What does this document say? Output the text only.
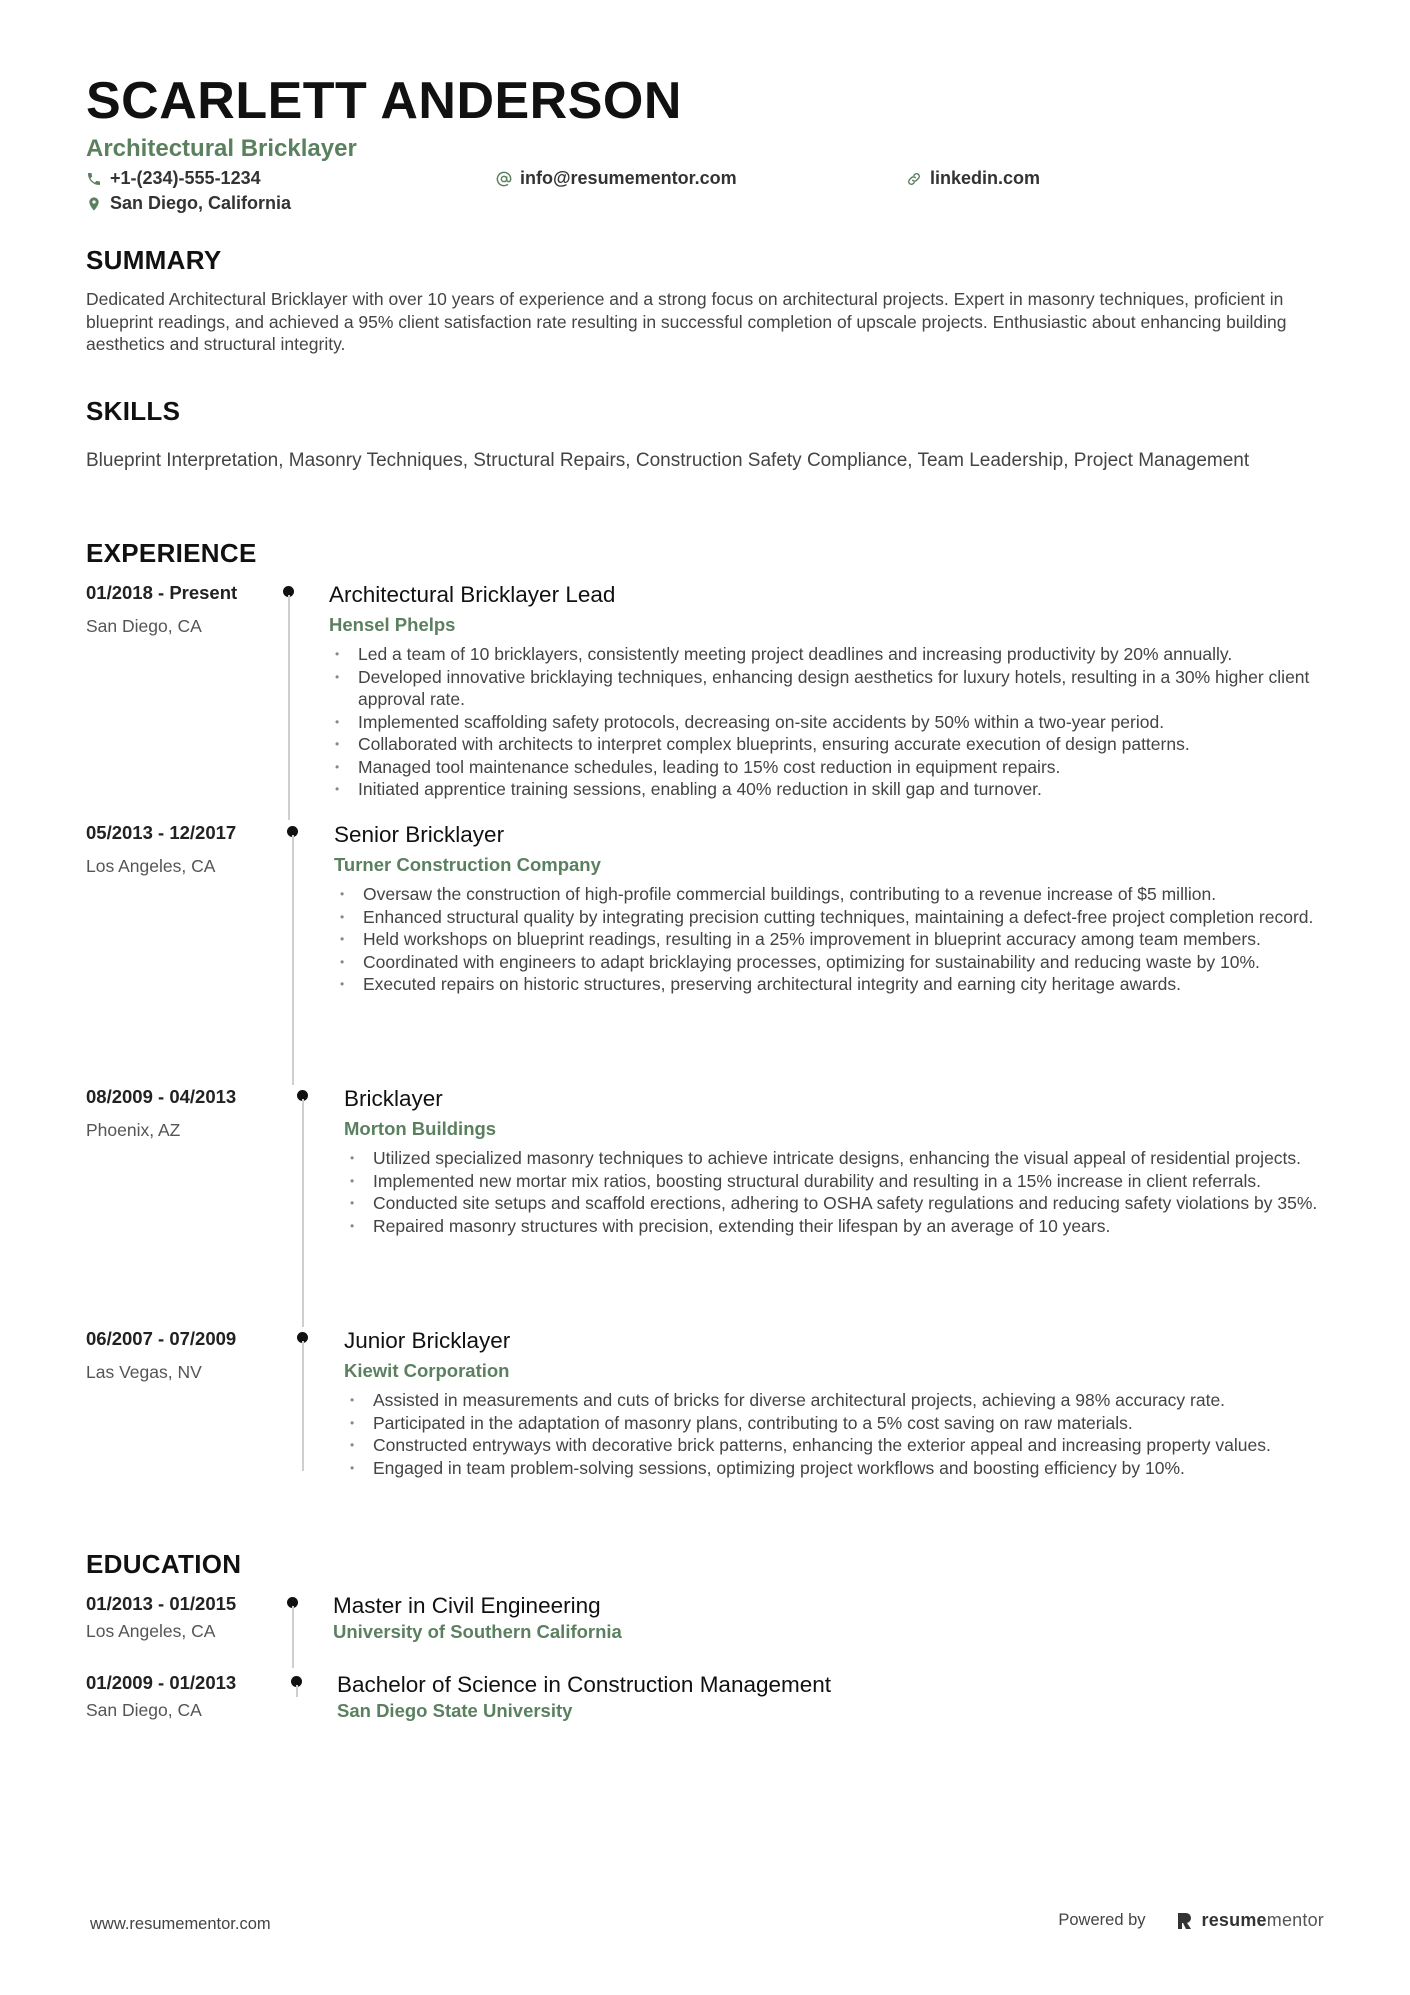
SCARLETT ANDERSON
Architectural Bricklayer
+1-(234)-555-1234	info@resumementor.com	linkedin.com
San Diego, California
SUMMARY

Dedicated Architectural Bricklayer with over 10 years of experience and a strong focus on architectural projects. Expert in masonry techniques, proficient in blueprint readings, and achieved a 95% client satisfaction rate resulting in successful completion of upscale projects. Enthusiastic about enhancing building aesthetics and structural integrity.

SKILLS

Blueprint Interpretation, Masonry Techniques, Structural Repairs, Construction Safety Compliance, Team Leadership, Project Management

EXPERIENCE
01/2018 - Present
San Diego, CA
Architectural Bricklayer Lead
Hensel Phelps
• Led a team of 10 bricklayers, consistently meeting project deadlines and increasing productivity by 20% annually.
• Developed innovative bricklaying techniques, enhancing design aesthetics for luxury hotels, resulting in a 30% higher client approval rate.
• Implemented scaffolding safety protocols, decreasing on-site accidents by 50% within a two-year period.
• Collaborated with architects to interpret complex blueprints, ensuring accurate execution of design patterns.
• Managed tool maintenance schedules, leading to 15% cost reduction in equipment repairs.
• Initiated apprentice training sessions, enabling a 40% reduction in skill gap and turnover.
05/2013 - 12/2017
Los Angeles, CA
Senior Bricklayer
Turner Construction Company
• Oversaw the construction of high-profile commercial buildings, contributing to a revenue increase of $5 million.
• Enhanced structural quality by integrating precision cutting techniques, maintaining a defect-free project completion record.
• Held workshops on blueprint readings, resulting in a 25% improvement in blueprint accuracy among team members.
• Coordinated with engineers to adapt bricklaying processes, optimizing for sustainability and reducing waste by 10%.
• Executed repairs on historic structures, preserving architectural integrity and earning city heritage awards.
08/2009 - 04/2013
Phoenix, AZ
Bricklayer
Morton Buildings
• Utilized specialized masonry techniques to achieve intricate designs, enhancing the visual appeal of residential projects.
• Implemented new mortar mix ratios, boosting structural durability and resulting in a 15% increase in client referrals.
• Conducted site setups and scaffold erections, adhering to OSHA safety regulations and reducing safety violations by 35%.
• Repaired masonry structures with precision, extending their lifespan by an average of 10 years.
06/2007 - 07/2009
Las Vegas, NV
Junior Bricklayer
Kiewit Corporation
• Assisted in measurements and cuts of bricks for diverse architectural projects, achieving a 98% accuracy rate.
• Participated in the adaptation of masonry plans, contributing to a 5% cost saving on raw materials.
• Constructed entryways with decorative brick patterns, enhancing the exterior appeal and increasing property values.
• Engaged in team problem-solving sessions, optimizing project workflows and boosting efficiency by 10%.
EDUCATION
01/2013 - 01/2015
Los Angeles, CA
Master in Civil Engineering
University of Southern California
01/2009 - 01/2013
San Diego, CA
Bachelor of Science in Construction Management
San Diego State University
www.resumementor.com	Powered by	resumementor
